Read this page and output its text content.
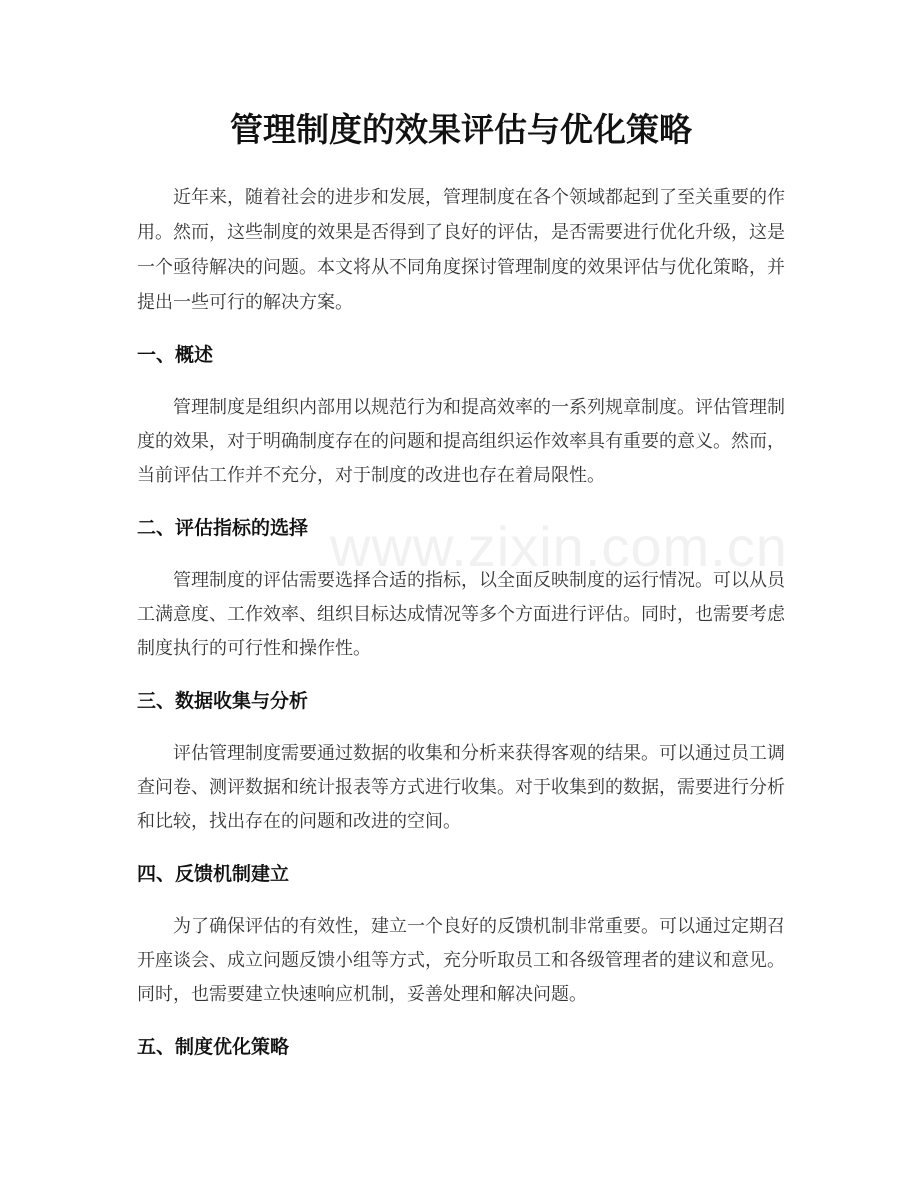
管理制度的效果评估与优化策略

近年来，随着社会的进步和发展，管理制度在各个领域都起到了至关重要的作用。然而，这些制度的效果是否得到了良好的评估，是否需要进行优化升级，这是一个亟待解决的问题。本文将从不同角度探讨管理制度的效果评估与优化策略，并提出一些可行的解决方案。

一、概述

管理制度是组织内部用以规范行为和提高效率的一系列规章制度。评估管理制度的效果，对于明确制度存在的问题和提高组织运作效率具有重要的意义。然而，当前评估工作并不充分，对于制度的改进也存在着局限性。

二、评估指标的选择

管理制度的评估需要选择合适的指标，以全面反映制度的运行情况。可以从员工满意度、工作效率、组织目标达成情况等多个方面进行评估。同时，也需要考虑制度执行的可行性和操作性。

三、数据收集与分析

评估管理制度需要通过数据的收集和分析来获得客观的结果。可以通过员工调查问卷、测评数据和统计报表等方式进行收集。对于收集到的数据，需要进行分析和比较，找出存在的问题和改进的空间。

四、反馈机制建立

为了确保评估的有效性，建立一个良好的反馈机制非常重要。可以通过定期召开座谈会、成立问题反馈小组等方式，充分听取员工和各级管理者的建议和意见。同时，也需要建立快速响应机制，妥善处理和解决问题。

五、制度优化策略
www.zixin.com.cn
